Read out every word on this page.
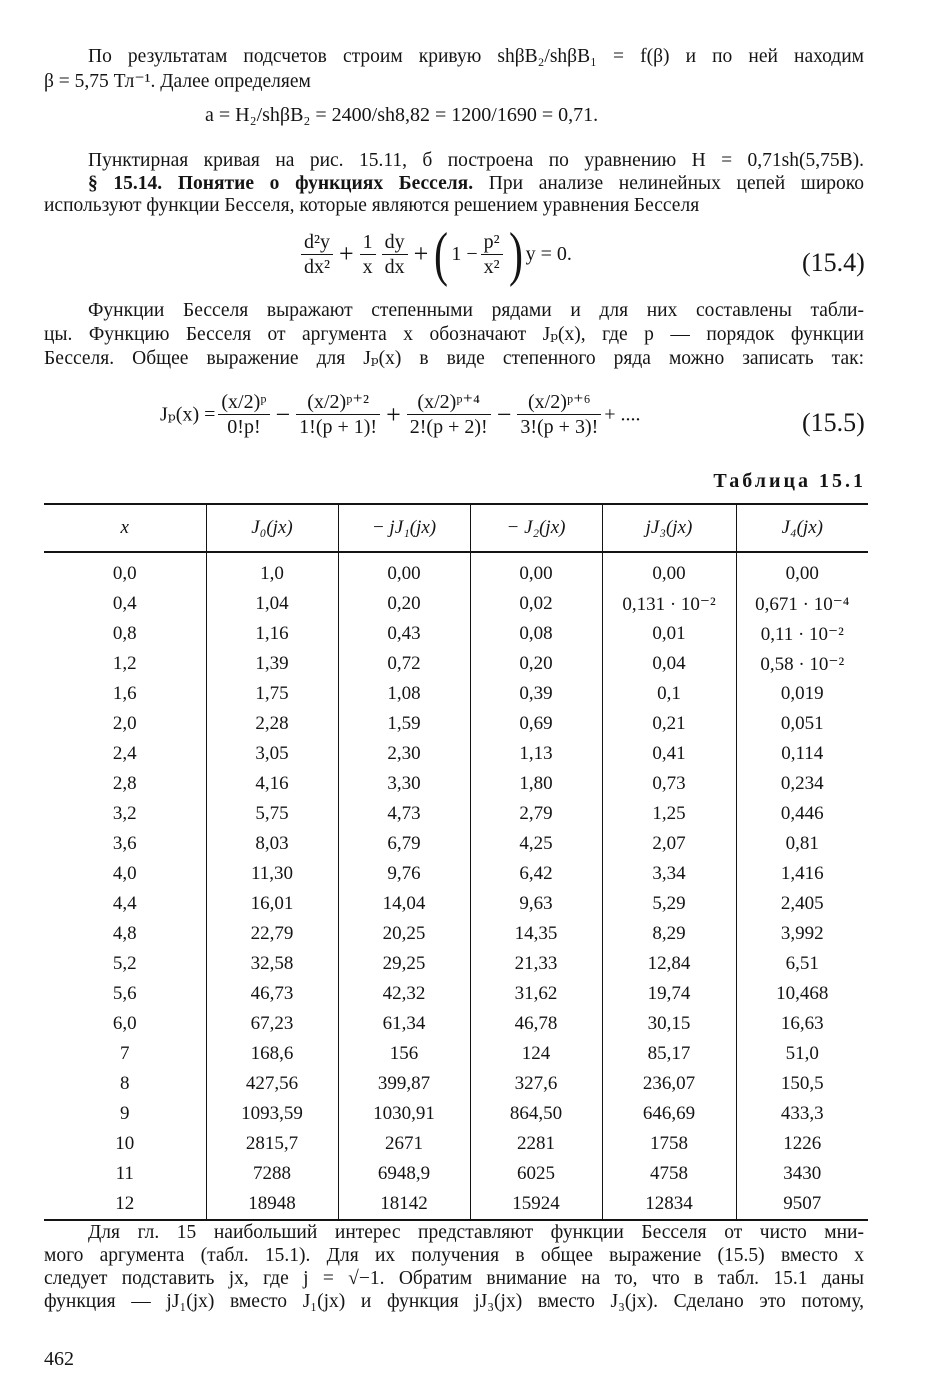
По результатам подсчетов строим кривую shβB₂/shβB₁ = f(β) и по ней находим

β = 5,75 Тл⁻¹. Далее определяем

a = H₂/shβB₂ = 2400/sh8,82 = 1200/1690 = 0,71.

Пунктирная кривая на рис. 15.11, б построена по уравнению H = 0,71sh(5,75B).

§ 15.14. Понятие о функциях Бесселя. При анализе нелинейных цепей широко

используют функции Бесселя, которые являются решением уравнения Бесселя

$\frac{\text{d²y}}{\text{dx²}} + \frac{1}{x} \frac{dy}{dx}$ +( $1 - \frac{\text{p²}}{\text{x²}}$ ) y = 0.	(15.4)

Функции Бесселя выражают степенными рядами и для них составлены табли-

цы. Функцию Бесселя от аргумента x обозначают Jₚ(x), где p — порядок функции

Бесселя. Общее выражение для Jₚ(x) в виде степенного ряда можно записать так:

$J_p(x) = \frac{\text{(x/2)ᵖ}}{0!p!} - \frac{\text{(x/2)ᵖ⁺²}}{1!(p + 1)!} + \frac{\text{(x/2)ᵖ⁺⁴}}{2!(p + 2)!} - \frac{\text{(x/2)ᵖ⁺⁶}}{3!(p + 3)!}$ + ....	(15.5)
Таблица 15.1
x	J₀(jx)	− jJ₁(jx)	− J₂(jx)	jJ₃(jx)	J₄(jx)
0,0	1,0	0,00	0,00	0,00	0,00
0,4	1,04	0,20	0,02	0,131 · 10⁻²	0,671 · 10⁻⁴
0,8	1,16	0,43	0,08	0,01	0,11 · 10⁻²
1,2	1,39	0,72	0,20	0,04	0,58 · 10⁻²
1,6	1,75	1,08	0,39	0,1	0,019
2,0	2,28	1,59	0,69	0,21	0,051
2,4	3,05	2,30	1,13	0,41	0,114
2,8	4,16	3,30	1,80	0,73	0,234
3,2	5,75	4,73	2,79	1,25	0,446
3,6	8,03	6,79	4,25	2,07	0,81
4,0	11,30	9,76	6,42	3,34	1,416
4,4	16,01	14,04	9,63	5,29	2,405
4,8	22,79	20,25	14,35	8,29	3,992
5,2	32,58	29,25	21,33	12,84	6,51
5,6	46,73	42,32	31,62	19,74	10,468
6,0	67,23	61,34	46,78	30,15	16,63
7	168,6	156	124	85,17	51,0
8	427,56	399,87	327,6	236,07	150,5
9	1093,59	1030,91	864,50	646,69	433,3
10	2815,7	2671	2281	1758	1226
11	7288	6948,9	6025	4758	3430
12	18948	18142	15924	12834	9507

Для гл. 15 наибольший интерес представляют функции Бесселя от чисто мни-

мого аргумента (табл. 15.1). Для их получения в общее выражение (15.5) вместо x

следует подставить jx, где j = √−1. Обратим внимание на то, что в табл. 15.1 даны

функция — jJ₁(jx) вместо J₁(jx) и функция jJ₃(jx) вместо J₃(jx). Сделано это потому,

462
